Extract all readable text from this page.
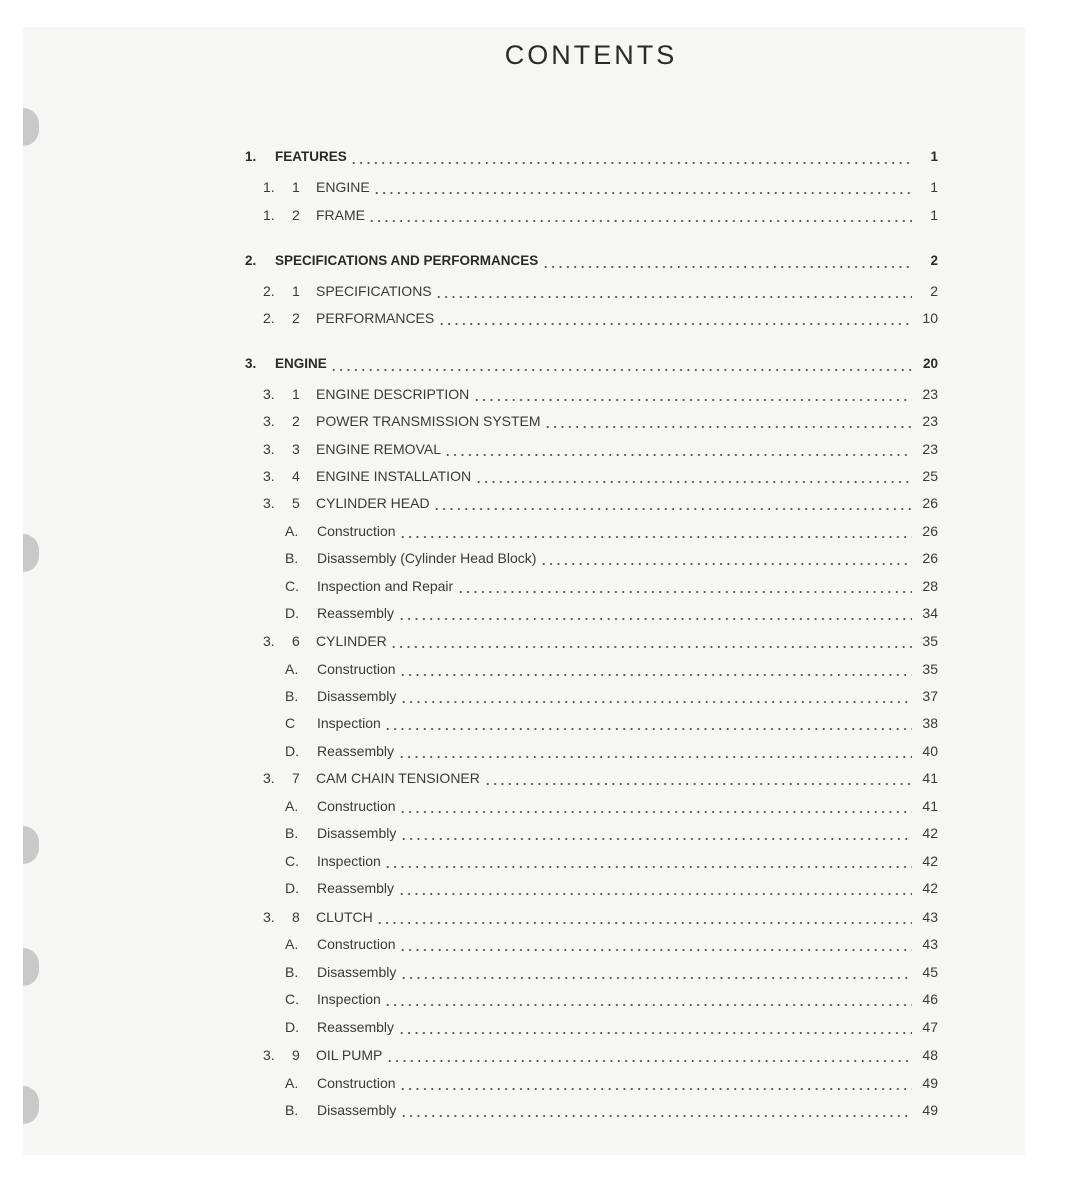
CONTENTS
1. FEATURES	1
1. 1 ENGINE	1
1. 2 FRAME	1
2. SPECIFICATIONS AND PERFORMANCES	2
2. 1 SPECIFICATIONS	2
2. 2 PERFORMANCES	10
3. ENGINE	20
3. 1 ENGINE DESCRIPTION	23
3. 2 POWER TRANSMISSION SYSTEM	23
3. 3 ENGINE REMOVAL	23
3. 4 ENGINE INSTALLATION	25
3. 5 CYLINDER HEAD	26
A. Construction	26
B. Disassembly (Cylinder Head Block)	26
C. Inspection and Repair	28
D. Reassembly	34
3. 6 CYLINDER	35
A. Construction	35
B. Disassembly	37
C Inspection	38
D. Reassembly	40
3. 7 CAM CHAIN TENSIONER	41
A. Construction	41
B. Disassembly	42
C. Inspection	42
D. Reassembly	42
3. 8 CLUTCH	43
A. Construction	43
B. Disassembly	45
C. Inspection	46
D. Reassembly	47
3. 9 OIL PUMP	48
A. Construction	49
B. Disassembly	49
